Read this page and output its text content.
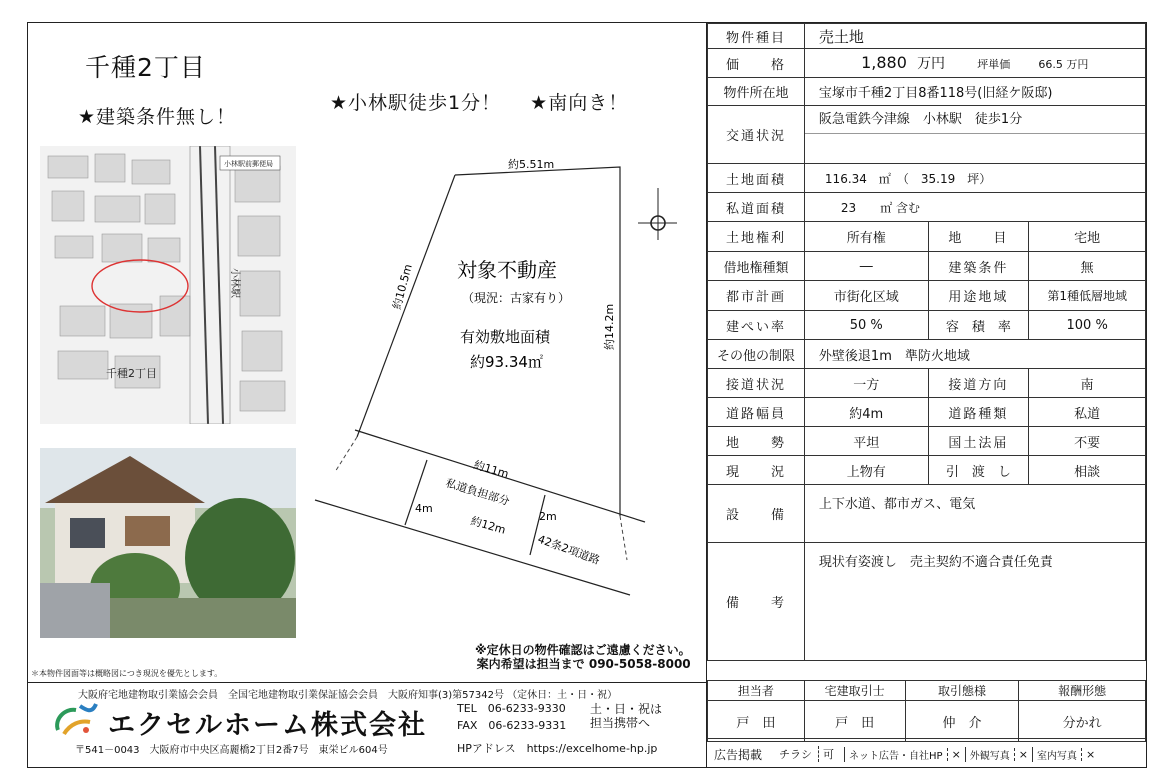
千種2丁目
★建築条件無し！
★小林駅徒歩1分！ ★南向き！
小林駅前郵便局
小林駅
千種2丁目
約5.51m
約10.5m
約14.2m
対象不動産
（現況：古家有り）
有効敷地面積
約93.34㎡
約11m
私道負担部分
4m
2m
約12m
42条2項道路
＊本物件図面等は概略図につき現況を優先とします。
※定休日の物件確認はご遠慮ください。
案内希望は担当まで 090-5058-8000
物件種目	売土地		
価　　格	1,880 万円 坪単価 66.5 万円		
物件所在地	宝塚市千種2丁目8番118号(旧経ケ阪邸)		
交通状況	阪急電鉄今津線　小林駅　徒歩1分		

土地面積	116.34　㎡　（　35.19　坪）		
私道面積	23　　㎡ 含む		
土地権利	所有権	地　　目	宅地
借地権種類	―	建築条件	無
都市計画	市街化区域	用途地域	第1種低層地域
建ぺい率	50 %	容　積　率	100 %
その他の制限	外壁後退1m　準防火地域		
接道状況	一方	接道方向	南
道路幅員	約4m	道路種類	私道
地　　勢	平坦	国土法届	不要
現　　況	上物有	引　渡　し	相談
設　　備	上下水道、都市ガス、電気		
備　　考	現状有姿渡し　売主契約不適合責任免責		
大阪府宅地建物取引業協会会員　全国宅地建物取引業保証協会会員　大阪府知事(3)第57342号 （定休日：土・日・祝）
エクセルホーム株式会社
〒541－0043　大阪府市中央区高麗橋2丁目2番7号　東栄ビル604号
TEL　06-6233-9330
FAX　06-6233-9331
土・日・祝は
担当携帯へ
HPアドレス　https://excelhome-hp.jp
担当者	宅建取引士	取引態様	報酬形態
戸　田	戸　田	仲　介	分かれ
広告掲載	チラシ	可	ネット広告・自社HP × 外観写真 × 室内写真 ×
